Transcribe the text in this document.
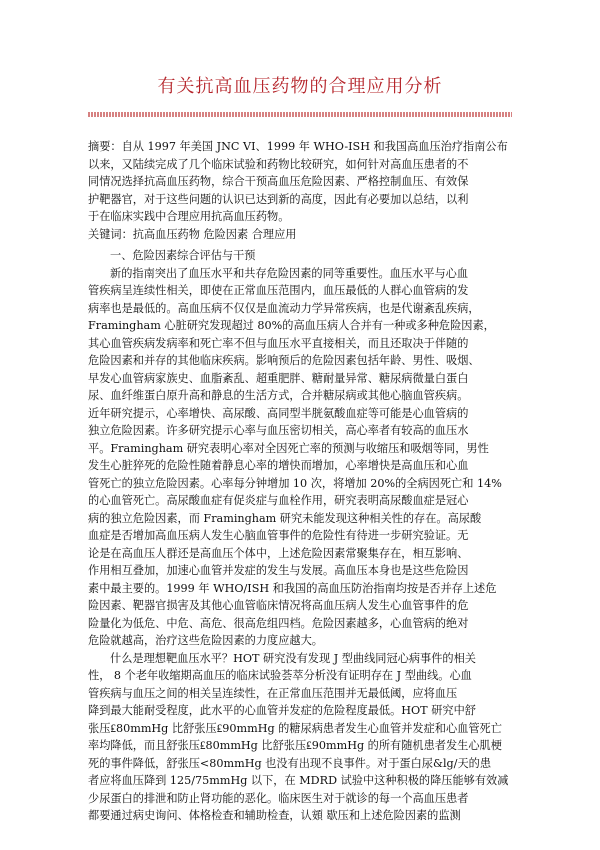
有关抗高血压药物的合理应用分析
摘要：自从 1997 年美国 JNC VI、1999 年 WHO-ISH 和我国高血压治疗指南公布
以来，又陆续完成了几个临床试验和药物比较研究，如何针对高血压患者的不
同情况选择抗高血压药物，综合干预高血压危险因素、严格控制血压、有效保
护靶器官，对于这些问题的认识已达到新的高度，因此有必要加以总结，以利
于在临床实践中合理应用抗高血压药物。
关键词：抗高血压药物 危险因素 合理应用
一、危险因素综合评估与干预
新的指南突出了血压水平和共存危险因素的同等重要性。血压水平与心血
管疾病呈连续性相关，即使在正常血压范围内，血压最低的人群心血管病的发
病率也是最低的。高血压病不仅仅是血流动力学异常疾病，也是代谢紊乱疾病，
Framingham 心脏研究发现超过 80%的高血压病人合并有一种或多种危险因素，
其心血管疾病发病率和死亡率不但与血压水平直接相关，而且还取决于伴随的
危险因素和并存的其他临床疾病。影响预后的危险因素包括年龄、男性、吸烟、
早发心血管病家族史、血脂紊乱、超重肥胖、糖耐量异常、糖尿病微量白蛋白
尿、血纤维蛋白原升高和静息的生活方式，合并糖尿病或其他心脑血管疾病。
近年研究提示，心率增快、高尿酸、高同型半胱氨酸血症等可能是心血管病的
独立危险因素。许多研究提示心率与血压密切相关，高心率者有较高的血压水
平。Framingham 研究表明心率对全因死亡率的预测与收缩压和吸烟等同，男性
发生心脏猝死的危险性随着静息心率的增快而增加，心率增快是高血压和心血
管死亡的独立危险因素。心率每分钟增加 10 次，将增加 20%的全病因死亡和 14%
的心血管死亡。高尿酸血症有促炎症与血栓作用，研究表明高尿酸血症是冠心
病的独立危险因素，而 Framingham 研究未能发现这种相关性的存在。高尿酸
血症是否增加高血压病人发生心脑血管事件的危险性有待进一步研究验证。无
论是在高血压人群还是高血压个体中，上述危险因素常聚集存在，相互影响、
作用相互叠加，加速心血管并发症的发生与发展。高血压本身也是这些危险因
素中最主要的。1999 年 WHO/ISH 和我国的高血压防治指南均按是否并存上述危
险因素、靶器官损害及其他心血管临床情况将高血压病人发生心血管事件的危
险量化为低危、中危、高危、很高危组四档。危险因素越多，心血管病的绝对
危险就越高，治疗这些危险因素的力度应越大。
什么是理想靶血压水平？HOT 研究没有发现 J 型曲线同冠心病事件的相关
性， 8 个老年收缩期高血压的临床试验荟萃分析没有证明存在 J 型曲线。心血
管疾病与血压之间的相关呈连续性，在正常血压范围并无最低阈，应将血压
降到最大能耐受程度，此水平的心血管并发症的危险程度最低。HOT 研究中舒
张压₤80mmHg 比舒张压₤90mmHg 的糖尿病患者发生心血管并发症和心血管死亡
率均降低，而且舒张压₤80mmHg 比舒张压₤90mmHg 的所有随机患者发生心肌梗
死的事件降低，舒张压<80mmHg 也没有出现不良事件。对于蛋白尿&lg/天的患
者应将血压降到 125/75mmHg 以下，在 MDRD 试验中这种积极的降压能够有效减
少尿蛋白的排泄和防止肾功能的恶化。临床医生对于就诊的每一个高血压患者
都要通过病史询问、体格检查和辅助检查，认頞 歇压和上述危险因素的监测
